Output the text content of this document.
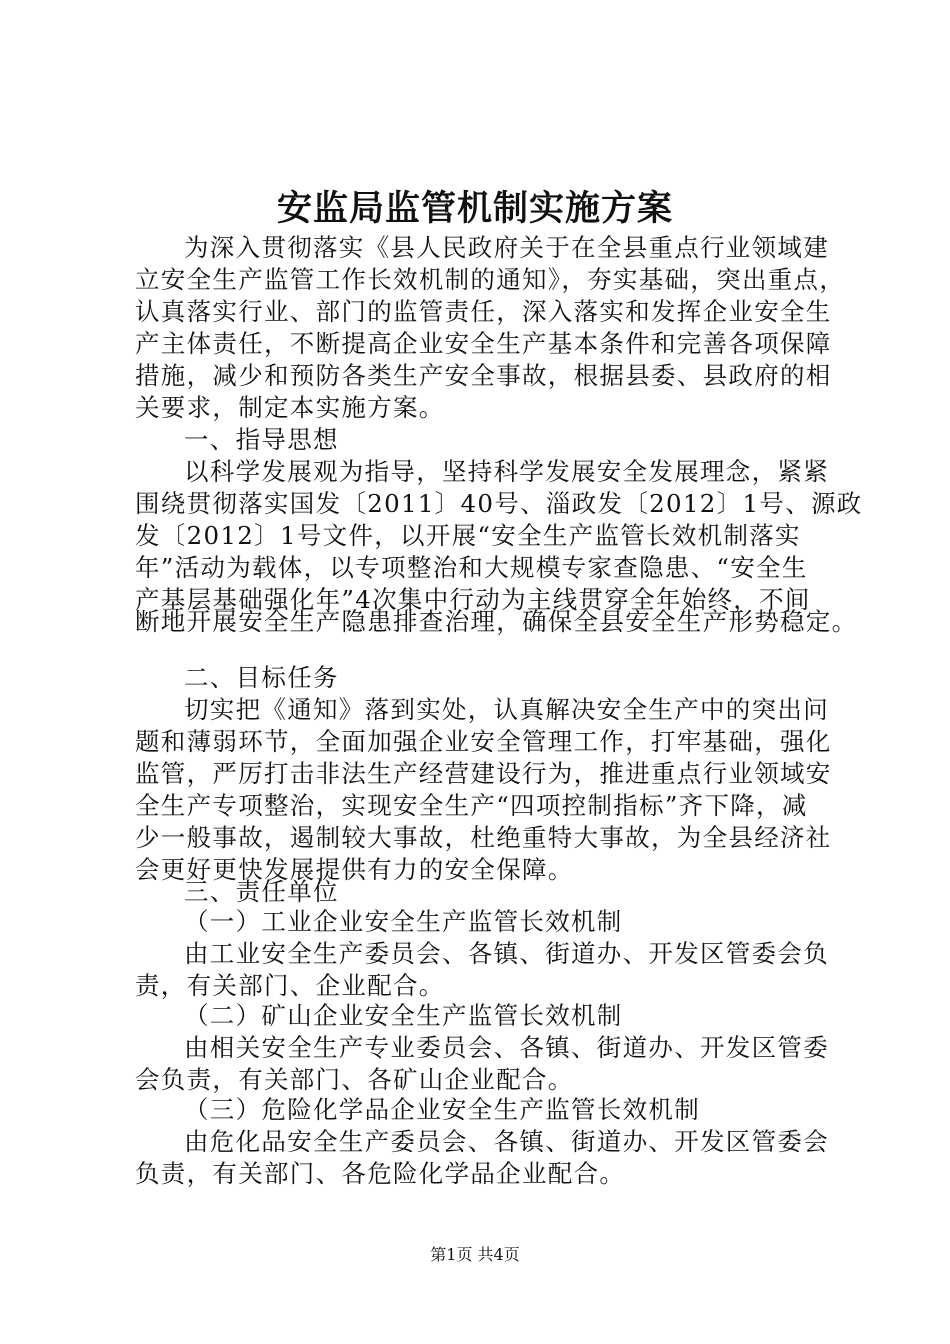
安监局监管机制实施方案
为深入贯彻落实《县人民政府关于在全县重点行业领域建
立安全生产监管工作长效机制的通知》，夯实基础，突出重点，
认真落实行业、部门的监管责任，深入落实和发挥企业安全生
产主体责任，不断提高企业安全生产基本条件和完善各项保障
措施，减少和预防各类生产安全事故，根据县委、县政府的相
关要求，制定本实施方案。
一、指导思想
以科学发展观为指导，坚持科学发展安全发展理念，紧紧
围绕贯彻落实国发〔2011〕40号、淄政发〔2012〕1号、源政
发〔2012〕1号文件，以开展“安全生产监管长效机制落实
年”活动为载体，以专项整治和大规模专家查隐患、“安全生
产基层基础强化年”4次集中行动为主线贯穿全年始终，不间
断地开展安全生产隐患排查治理，确保全县安全生产形势稳定。
二、目标任务
切实把《通知》落到实处，认真解决安全生产中的突出问
题和薄弱环节，全面加强企业安全管理工作，打牢基础，强化
监管，严厉打击非法生产经营建设行为，推进重点行业领域安
全生产专项整治，实现安全生产“四项控制指标”齐下降，减
少一般事故，遏制较大事故，杜绝重特大事故，为全县经济社
会更好更快发展提供有力的安全保障。
三、责任单位
（一）工业企业安全生产监管长效机制
由工业安全生产委员会、各镇、街道办、开发区管委会负
责，有关部门、企业配合。
（二）矿山企业安全生产监管长效机制
由相关安全生产专业委员会、各镇、街道办、开发区管委
会负责，有关部门、各矿山企业配合。
（三）危险化学品企业安全生产监管长效机制
由危化品安全生产委员会、各镇、街道办、开发区管委会
负责，有关部门、各危险化学品企业配合。
第1页 共4页
